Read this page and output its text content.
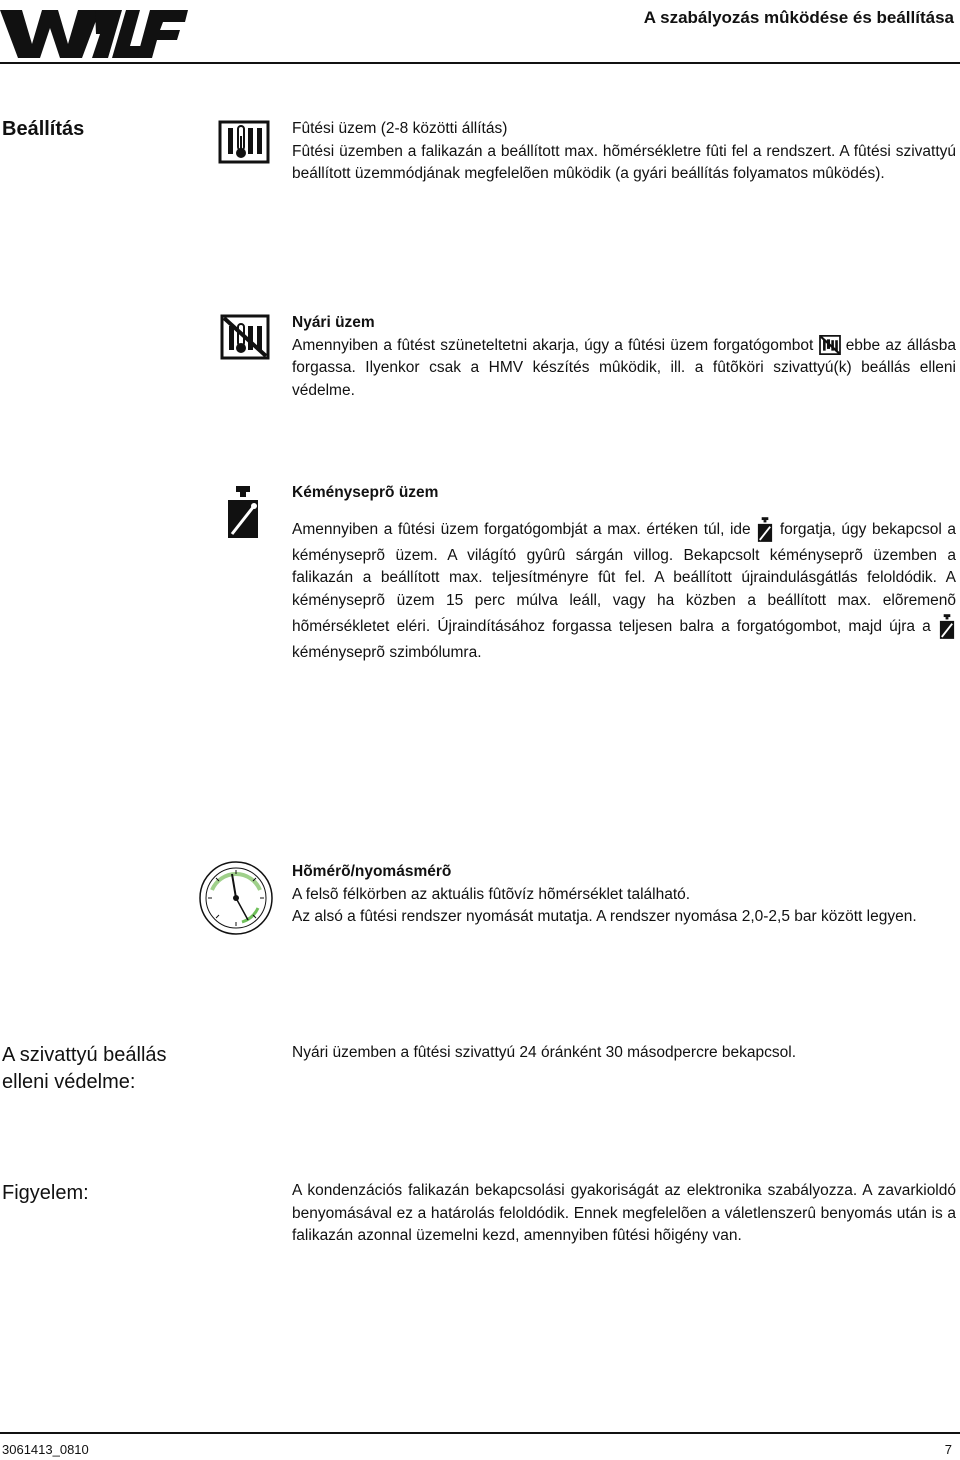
A szabályozás mûködése és beállítása
Beállítás	Fûtési üzem (2-8 közötti állítás)

Fûtési üzemben a falikazán a beállított max. hõmérsékletre fûti fel a rendszert. A fûtési szivattyú beállított üzemmódjának megfelelõen mûködik (a gyári beállítás folyamatos mûködés).

Nyári üzem

Amennyiben a fûtést szüneteltetni akarja, úgy a fûtési üzem forgatógombot  ebbe az állásba forgassa. Ilyenkor csak a HMV készítés mûködik, ill. a fûtõköri szivattyú(k) beállás elleni védelme.

Kéményseprõ üzem

Amennyiben a fûtési üzem forgatógombját a max. értéken túl, ide  forgatja, úgy bekapcsol a kéményseprõ üzem. A világító gyûrû sárgán villog. Bekapcsolt kéményseprõ üzemben a falikazán a beállított max. teljesítményre fût fel. A beállított újraindulásgátlás feloldódik. A kéményseprõ üzem 15 perc múlva leáll, vagy ha közben a beállított max. elõremenõ hõmérsékletet eléri. Újraindításához forgassa teljesen balra a forgatógombot, majd újra a  kéményseprõ szimbólumra.

Hõmérõ/nyomásmérõ

A felsõ félkörben az aktuális fûtõvíz hõmérséklet található.

Az alsó a fûtési rendszer nyomását mutatja. A rendszer nyomása 2,0-2,5 bar között legyen.

A szivattyú beállás elleni védelme:
Nyári üzemben a fûtési szivattyú 24 óránként 30 másodpercre bekapcsol.
Figyelem:	A kondenzációs falikazán bekapcsolási gyakoriságát az elektronika szabályozza. A zavarkioldó benyomásával ez a határolás feloldódik. Ennek megfelelõen a váletlenszerû benyomás után is a falikazán azonnal üzemelni kezd, amennyiben fûtési hõigény van.
3061413_0810	7
